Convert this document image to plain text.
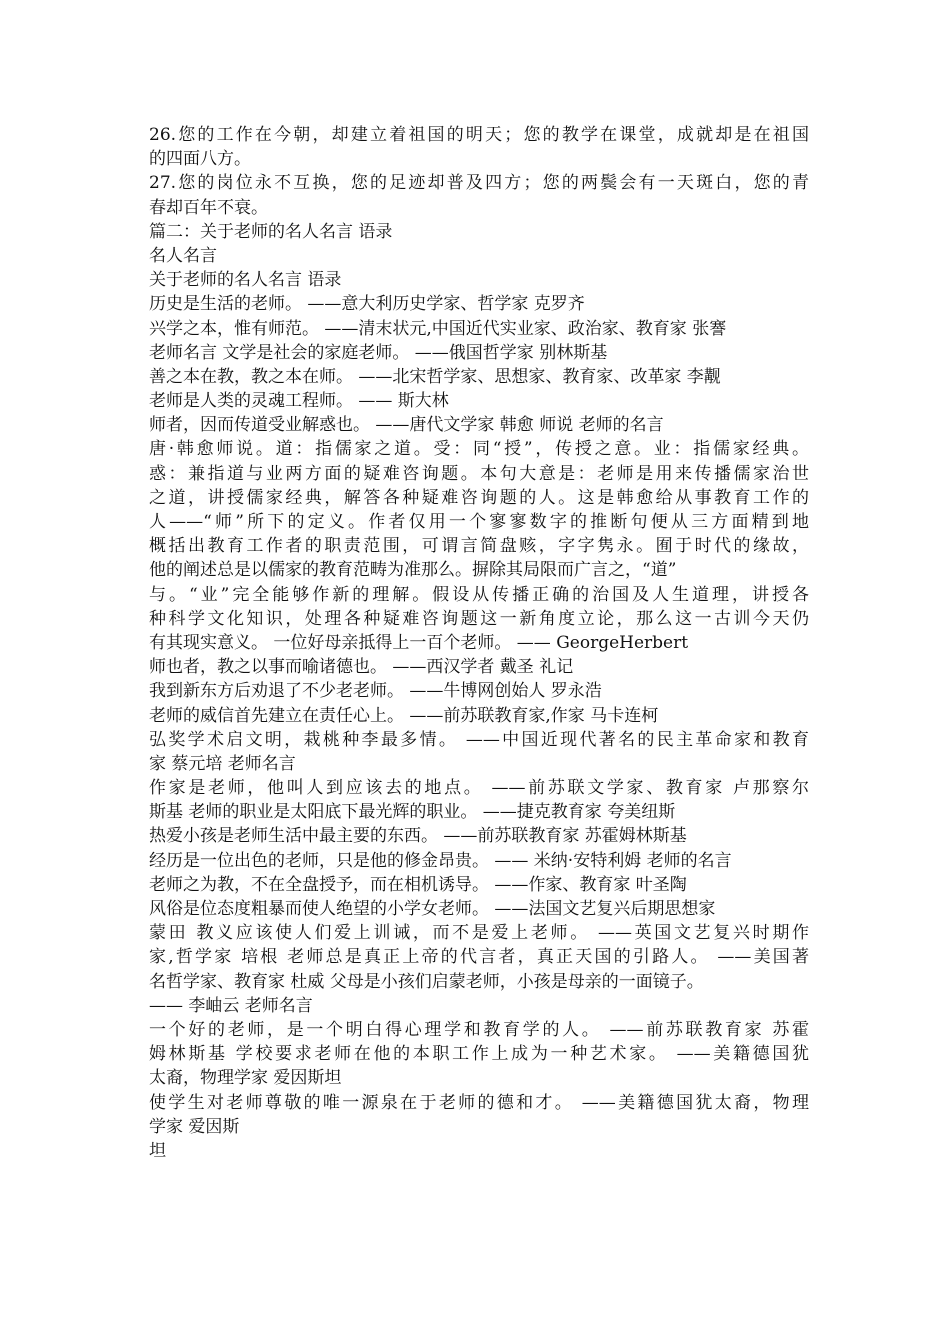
26.您的工作在今朝，却建立着祖国的明天；您的教学在课堂，成就却是在祖国
的四面八方。
27.您的岗位永不互换，您的足迹却普及四方；您的两鬓会有一天斑白，您的青
春却百年不衰。
篇二：关于老师的名人名言 语录
名人名言
关于老师的名人名言 语录
历史是生活的老师。 ——意大利历史学家、哲学家 克罗齐
兴学之本，惟有师范。 ——清末状元,中国近代实业家、政治家、教育家 张謇
老师名言 文学是社会的家庭老师。 ——俄国哲学家 别林斯基
善之本在教，教之本在师。 ——北宋哲学家、思想家、教育家、改革家 李觏
老师是人类的灵魂工程师。 —— 斯大林
师者，因而传道受业解惑也。 ——唐代文学家 韩愈 师说 老师的名言
唐·韩愈师说。道：指儒家之道。受：同“授”，传授之意。业：指儒家经典。
惑：兼指道与业两方面的疑难咨询题。本句大意是：老师是用来传播儒家治世
之道，讲授儒家经典，解答各种疑难咨询题的人。这是韩愈给从事教育工作的
人——“师”所下的定义。作者仅用一个寥寥数字的推断句便从三方面精到地
概括出教育工作者的职责范围，可谓言简盘赅，字字隽永。囿于时代的缘故，
他的阐述总是以儒家的教育范畴为准那么。摒除其局限而广言之，“道”
与。“业”完全能够作新的理解。假设从传播正确的治国及人生道理，讲授各
种科学文化知识，处理各种疑难咨询题这一新角度立论，那么这一古训今天仍
有其现实意义。 一位好母亲抵得上一百个老师。 —— GeorgeHerbert
师也者，教之以事而喻诸德也。 ——西汉学者 戴圣 礼记
我到新东方后劝退了不少老老师。 ——牛博网创始人 罗永浩
老师的威信首先建立在责任心上。 ——前苏联教育家,作家 马卡连柯
弘奖学术启文明，栽桃种李最多情。 ——中国近现代著名的民主革命家和教育
家 蔡元培 老师名言
作家是老师，他叫人到应该去的地点。 ——前苏联文学家、教育家 卢那察尔
斯基 老师的职业是太阳底下最光辉的职业。 ——捷克教育家 夸美纽斯
热爱小孩是老师生活中最主要的东西。 ——前苏联教育家 苏霍姆林斯基
经历是一位出色的老师，只是他的修金昂贵。 —— 米纳·安特利姆 老师的名言
老师之为教，不在全盘授予，而在相机诱导。 ——作家、教育家 叶圣陶
风俗是位态度粗暴而使人绝望的小学女老师。 ——法国文艺复兴后期思想家
蒙田 教义应该使人们爱上训诫，而不是爱上老师。 ——英国文艺复兴时期作
家,哲学家 培根 老师总是真正上帝的代言者，真正天国的引路人。 ——美国著
名哲学家、教育家 杜威 父母是小孩们启蒙老师，小孩是母亲的一面镜子。
—— 李岫云 老师名言
一个好的老师，是一个明白得心理学和教育学的人。 ——前苏联教育家 苏霍
姆林斯基 学校要求老师在他的本职工作上成为一种艺术家。 ——美籍德国犹
太裔，物理学家 爱因斯坦
使学生对老师尊敬的唯一源泉在于老师的德和才。 ——美籍德国犹太裔，物理
学家 爱因斯
坦
